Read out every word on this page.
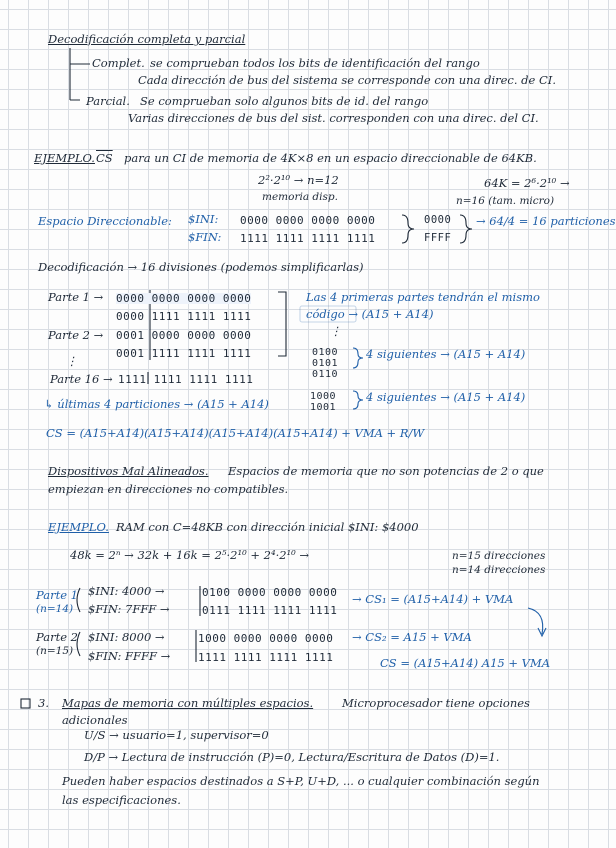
Decodificación completa y parcial
Complet. se comprueban todos los bits de identificación del rango
Cada dirección de bus del sistema se corresponde con una direc. de CI.
Parcial. Se comprueban solo algunos bits de id. del rango
Varias direcciones de bus del sist. corresponden con una direc. del CI.
EJEMPLO. $\overline{CS}$ para un CI de memoria de 4K×8 en un espacio direccionable de 64KB.
2²·2¹⁰ → n=12
memoria disp.
64K = 2⁶·2¹⁰ →
n=16 (tam. micro)
Espacio Direccionable: $INI: 0000 0000 0000 0000
$FIN: 1111 1111 1111 1111
0000
FFFF
→ 64/4 = 16 particiones
Decodificación → 16 divisiones (podemos simplificarlas)
Parte 1 → 0000 0000 0000 0000
0000 1111 1111 1111
Parte 2 → 0001 0000 0000 0000
0001 1111 1111 1111
⋮
Parte 16 → 1111 1111 1111 1111
↳ últimas 4 particiones → (A15 + A14)
Las 4 primeras partes tendrán el mismo
código → (A15 + A14)
⋮
0100
0101
0110
4 siguientes → (A15 + A14)
1000
1001
4 siguientes → (A15 + A14)
CS = (A15+A14)(A15+A14)(A15+A14)(A15+A14) + VMA + R/W
Dispositivos Mal Alineados. Espacios de memoria que no son potencias de 2 o que
empiezan en direcciones no compatibles.
EJEMPLO. RAM con C=48KB con dirección inicial $INI: $4000
48k = 2ⁿ → 32k + 16k = 2⁵·2¹⁰ + 2⁴·2¹⁰ →	n=15 direcciones
n=14 direcciones
Parte 1
(n=14)
$INI: 4000 →
$FIN: 7FFF →
0100 0000 0000 0000
0111 1111 1111 1111
→ CS₁ = (A15+A14) + VMA
Parte 2
(n=15)
$INI: 8000 →
$FIN: FFFF →
1000 0000 0000 0000
1111 1111 1111 1111
→ CS₂ = A15 + VMA
CS = (A15+A14) A15 + VMA
3. Mapas de memoria con múltiples espacios.	Microprocesador tiene opciones
adicionales
U/S → usuario=1, supervisor=0
D/P → Lectura de instrucción (P)=0, Lectura/Escritura de Datos (D)=1.
Pueden haber espacios destinados a S+P, U+D, ... o cualquier combinación según
las especificaciones.
